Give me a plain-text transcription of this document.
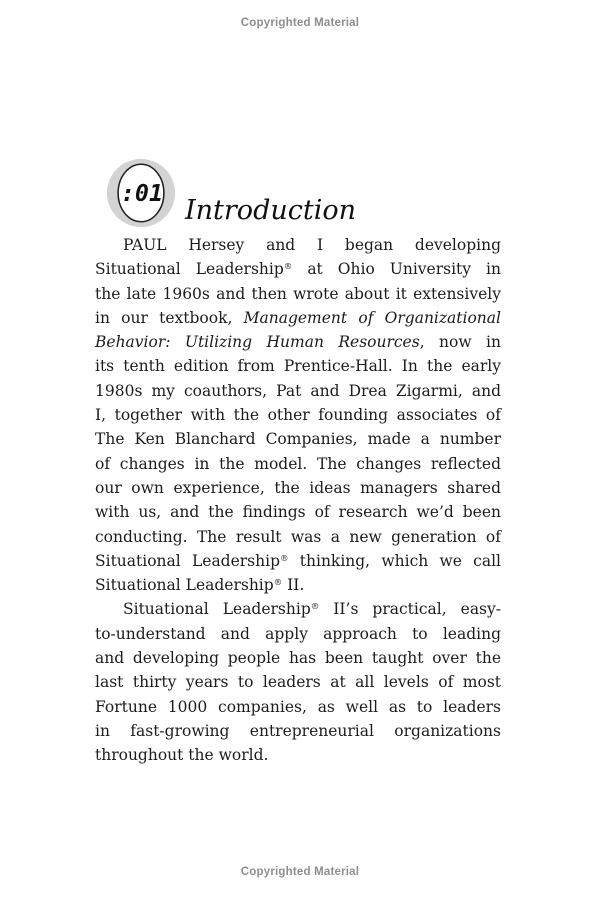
Copyrighted Material
:01
Introduction
PAUL Hersey and I began developing
Situational Leadership® at Ohio University in
the late 1960s and then wrote about it extensively
in our textbook, Management of Organizational
Behavior: Utilizing Human Resources, now in
its tenth edition from Prentice-Hall. In the early
1980s my coauthors, Pat and Drea Zigarmi, and
I, together with the other founding associates of
The Ken Blanchard Companies, made a number
of changes in the model. The changes reflected
our own experience, the ideas managers shared
with us, and the findings of research we’d been
conducting. The result was a new generation of
Situational Leadership® thinking, which we call
Situational Leadership® II.
Situational Leadership® II’s practical, easy-
to-understand and apply approach to leading
and developing people has been taught over the
last thirty years to leaders at all levels of most
Fortune 1000 companies, as well as to leaders
in fast-growing entrepreneurial organizations
throughout the world.
Copyrighted Material
